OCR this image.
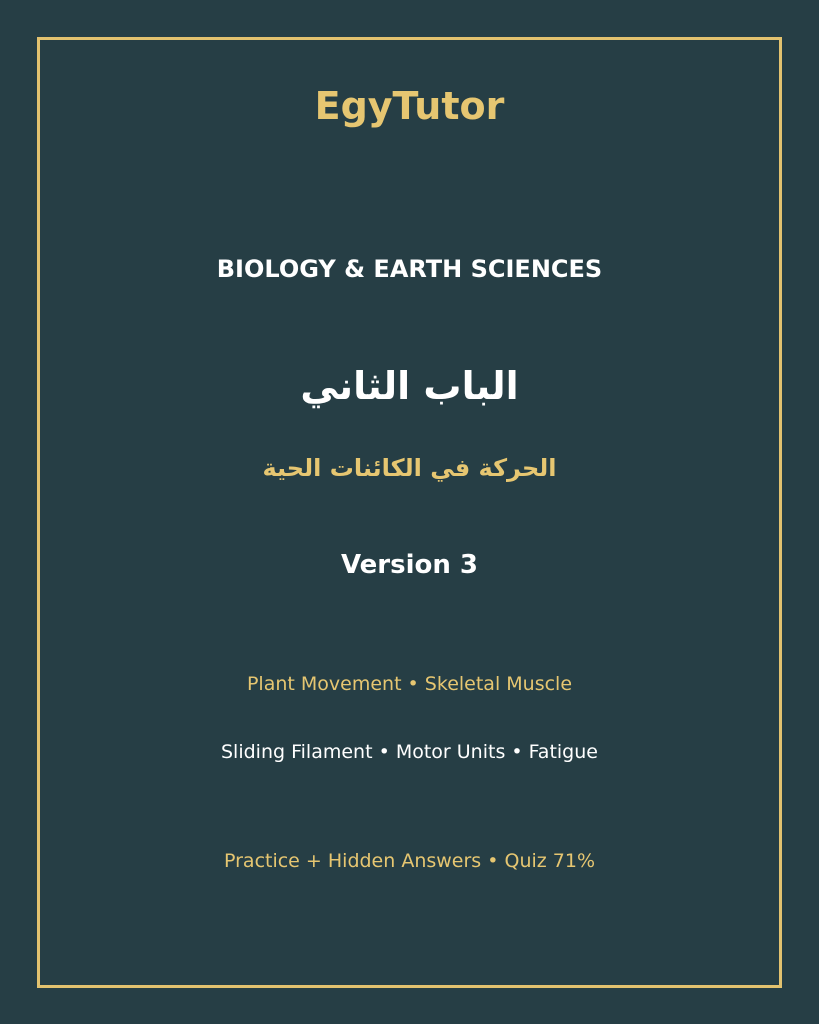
EgyTutor
BIOLOGY & EARTH SCIENCES
الباب الثاني
الحركة في الكائنات الحية
Version 3
Plant Movement • Skeletal Muscle
Sliding Filament • Motor Units • Fatigue
Practice + Hidden Answers • Quiz 71%
